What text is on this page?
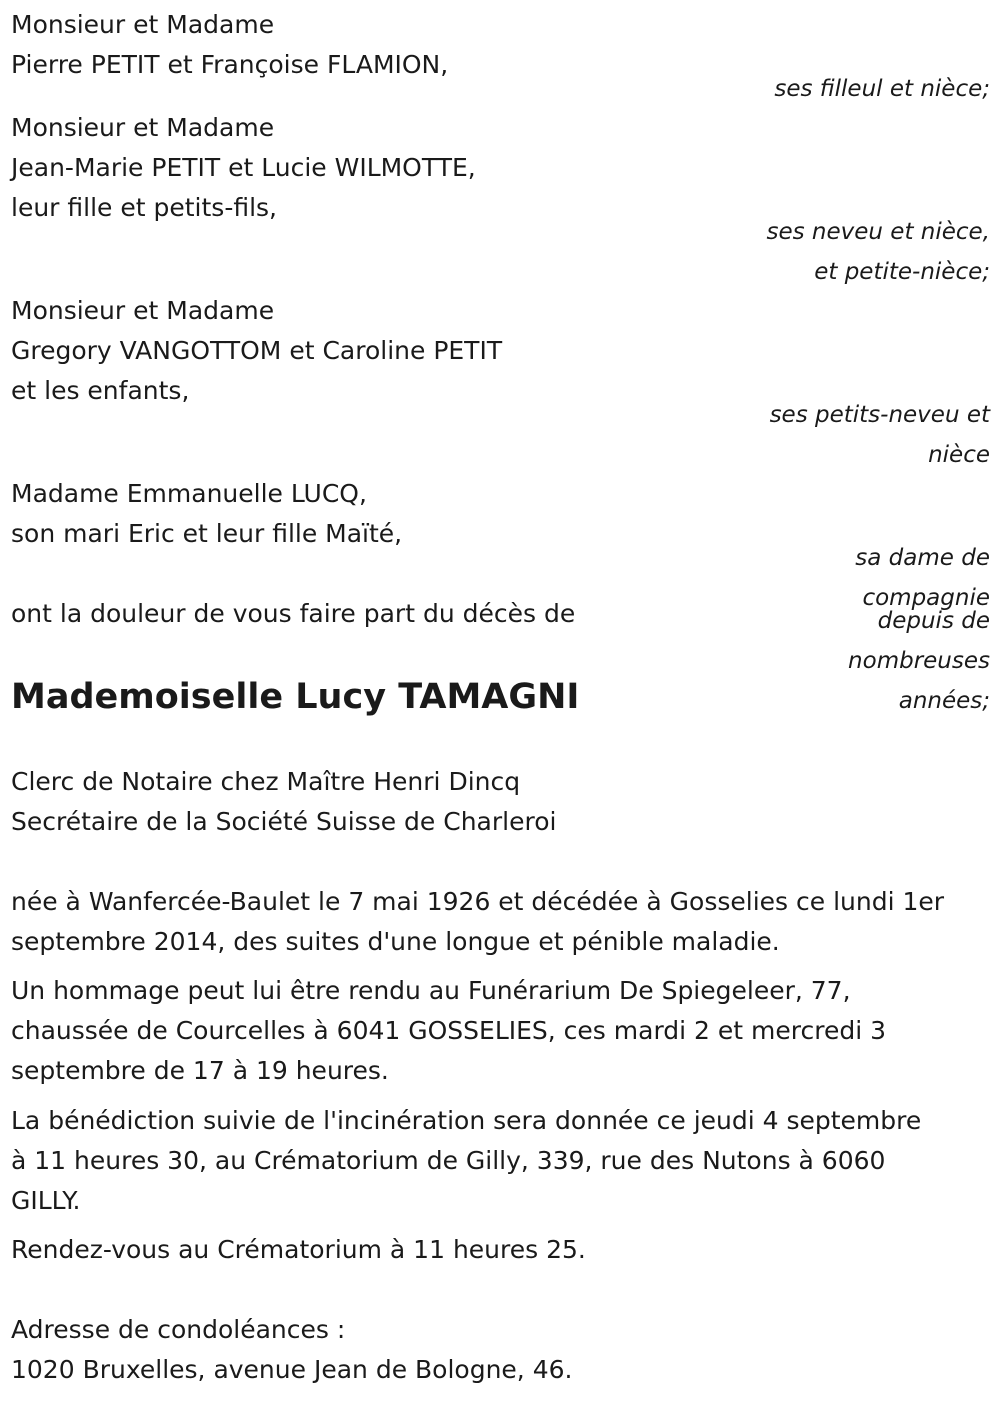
Monsieur et Madame
Pierre PETIT et Françoise FLAMION,
ses filleul et nièce;
Monsieur et Madame
Jean-Marie PETIT et Lucie WILMOTTE,
leur fille et petits-fils,
ses neveu et nièce,
et petite-nièce;
Monsieur et Madame
Gregory VANGOTTOM et Caroline PETIT
et les enfants,
ses petits-neveu et
nièce
Madame Emmanuelle LUCQ,
son mari Eric et leur fille Maïté,
sa dame de
compagnie
depuis de
nombreuses
années;
ont la douleur de vous faire part du décès de
Mademoiselle Lucy TAMAGNI
Clerc de Notaire chez Maître Henri Dincq
Secrétaire de la Société Suisse de Charleroi
née à Wanfercée-Baulet le 7 mai 1926 et décédée à Gosselies ce lundi 1er
septembre 2014, des suites d'une longue et pénible maladie.
Un hommage peut lui être rendu au Funérarium De Spiegeleer, 77,
chaussée de Courcelles à 6041 GOSSELIES, ces mardi 2 et mercredi 3
septembre de 17 à 19 heures.
La bénédiction suivie de l'incinération sera donnée ce jeudi 4 septembre
à 11 heures 30, au Crématorium de Gilly, 339, rue des Nutons à 6060
GILLY.
Rendez-vous au Crématorium à 11 heures 25.
Adresse de condoléances :
1020 Bruxelles, avenue Jean de Bologne, 46.
